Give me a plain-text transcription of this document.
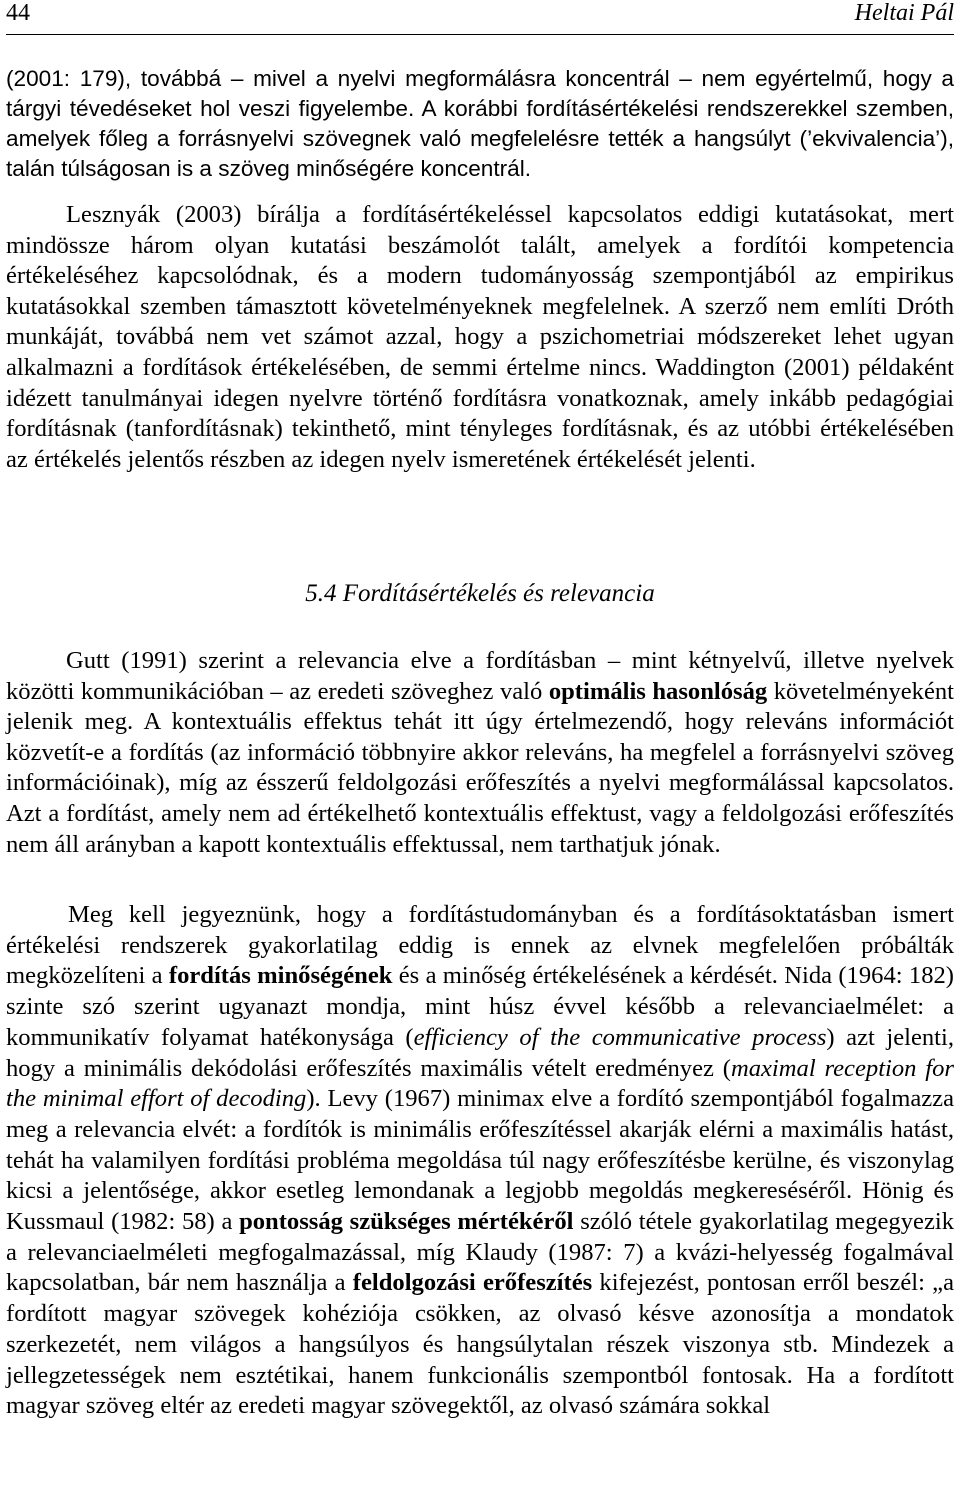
44	Heltai Pál

(2001: 179), továbbá – mivel a nyelvi megformálásra koncentrál – nem egyértelmű, hogy a tárgyi tévedéseket hol veszi figyelembe. A korábbi fordításértékelési rendszerekkel szemben, amelyek főleg a forrásnyelvi szövegnek való megfelelésre tették a hangsúlyt (’ekvivalencia’), talán túlságosan is a szöveg minőségére koncentrál.

Lesznyák (2003) bírálja a fordításértékeléssel kapcsolatos eddigi kutatásokat, mert mindössze három olyan kutatási beszámolót talált, amelyek a fordítói kompetencia értékeléséhez kapcsolódnak, és a modern tudományosság szempontjából az empirikus kutatásokkal szemben támasztott követelményeknek megfelelnek. A szerző nem említi Dróth munkáját, továbbá nem vet számot azzal, hogy a pszichometriai módszereket lehet ugyan alkalmazni a fordítások értékelésében, de semmi értelme nincs. Waddington (2001) példaként idézett tanulmányai idegen nyelvre történő fordításra vonatkoznak, amely inkább pedagógiai fordításnak (tanfordításnak) tekinthető, mint tényleges fordításnak, és az utóbbi értékelésében az értékelés jelentős részben az idegen nyelv ismeretének értékelését jelenti.

5.4 Fordításértékelés és relevancia

Gutt (1991) szerint a relevancia elve a fordításban – mint kétnyelvű, illetve nyelvek közötti kommunikációban – az eredeti szöveghez való optimális hasonlóság követelményeként jelenik meg. A kontextuális effektus tehát itt úgy értelmezendő, hogy releváns információt közvetít-e a fordítás (az információ többnyire akkor releváns, ha megfelel a forrásnyelvi szöveg információinak), míg az ésszerű feldolgozási erőfeszítés a nyelvi megformálással kapcsolatos. Azt a fordítást, amely nem ad értékelhető kontextuális effektust, vagy a feldolgozási erőfeszítés nem áll arányban a kapott kontextuális effektussal, nem tarthatjuk jónak.

Meg kell jegyeznünk, hogy a fordítástudományban és a fordításoktatásban ismert értékelési rendszerek gyakorlatilag eddig is ennek az elvnek megfelelően próbálták megközelíteni a fordítás minőségének és a minőség értékelésének a kérdését. Nida (1964: 182) szinte szó szerint ugyanazt mondja, mint húsz évvel később a relevanciaelmélet: a kommunikatív folyamat hatékonysága (efficiency of the communicative process) azt jelenti, hogy a minimális dekódolási erőfeszítés maximális vételt eredményez (maximal reception for the minimal effort of decoding). Levy (1967) minimax elve a fordító szempontjából fogalmazza meg a relevancia elvét: a fordítók is minimális erőfeszítéssel akarják elérni a maximális hatást, tehát ha valamilyen fordítási probléma megoldása túl nagy erőfeszítésbe kerülne, és viszonylag kicsi a jelentősége, akkor esetleg lemondanak a legjobb megoldás megkereséséről. Hönig és Kussmaul (1982: 58) a pontosság szükséges mértékéről szóló tétele gyakorlatilag megegyezik a relevanciaelméleti megfogalmazással, míg Klaudy (1987: 7) a kvázi-helyesség fogalmával kapcsolatban, bár nem használja a feldolgozási erőfeszítés kifejezést, pontosan erről beszél: „a fordított magyar szövegek kohéziója csökken, az olvasó késve azonosítja a mondatok szerkezetét, nem világos a hangsúlyos és hangsúlytalan részek viszonya stb. Mindezek a jellegzetességek nem esztétikai, hanem funkcionális szempontból fontosak. Ha a fordított magyar szöveg eltér az eredeti magyar szövegektől, az olvasó számára sokkal
